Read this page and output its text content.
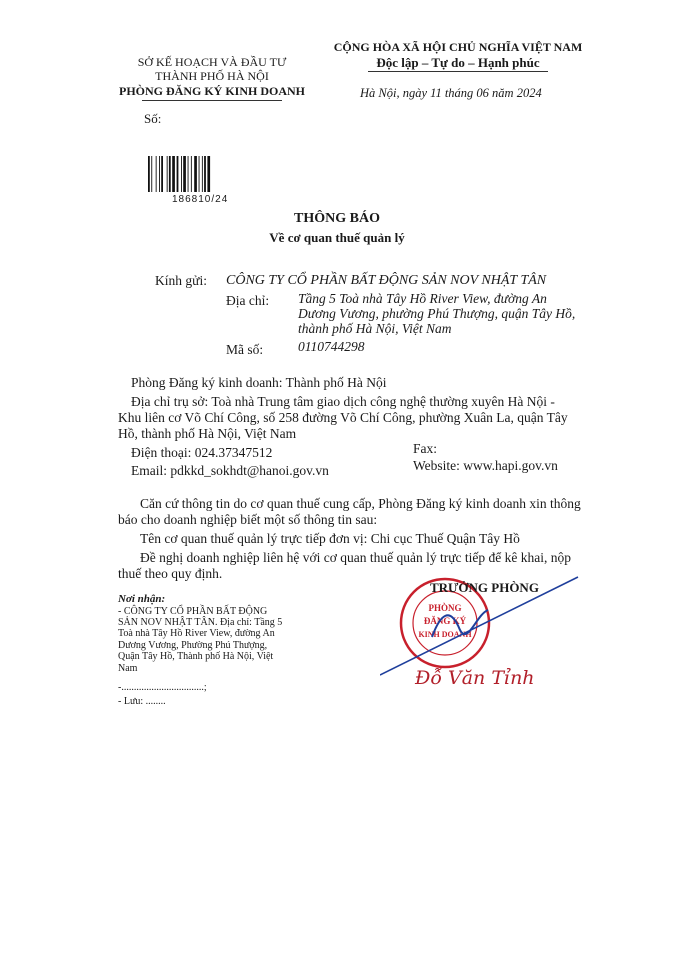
SỞ KẾ HOẠCH VÀ ĐẦU TƯ
THÀNH PHỐ HÀ NỘI
PHÒNG ĐĂNG KÝ KINH DOANH
Số:
CỘNG HÒA XÃ HỘI CHỦ NGHĨA VIỆT NAM
Độc lập – Tự do – Hạnh phúc
Hà Nội, ngày 11 tháng 06 năm 2024
186810/24
THÔNG BÁO
Về cơ quan thuế quản lý
Kính gửi: CÔNG TY CỔ PHẦN BẤT ĐỘNG SẢN NOV NHẬT TÂN
Địa chỉ: Tầng 5 Toà nhà Tây Hồ River View, đường An
Dương Vương, phường Phú Thượng, quận Tây Hồ,
thành phố Hà Nội, Việt Nam
Mã số:	0110744298
Phòng Đăng ký kinh doanh: Thành phố Hà Nội
Địa chỉ trụ sở: Toà nhà Trung tâm giao dịch công nghệ thường xuyên Hà Nội -
Khu liên cơ Võ Chí Công, số 258 đường Võ Chí Công, phường Xuân La, quận Tây
Hồ, thành phố Hà Nội, Việt Nam
Điện thoại: 024.37347512	Fax:
Email: pdkkd_sokhdt@hanoi.gov.vn	Website: www.hapi.gov.vn
Căn cứ thông tin do cơ quan thuế cung cấp, Phòng Đăng ký kinh doanh xin thông
báo cho doanh nghiệp biết một số thông tin sau:
Tên cơ quan thuế quản lý trực tiếp đơn vị: Chi cục Thuế Quận Tây Hồ
Đề nghị doanh nghiệp liên hệ với cơ quan thuế quản lý trực tiếp để kê khai, nộp
thuế theo quy định.
Nơi nhận:
- CÔNG TY CỔ PHẦN BẤT ĐỘNG
SẢN NOV NHẬT TÂN. Địa chỉ: Tầng 5
Toà nhà Tây Hồ River View, đường An
Dương Vương, Phường Phú Thượng,
Quận Tây Hồ, Thành phố Hà Nội, Việt
Nam
-.................................;
- Lưu: ........
PHÒNG
ĐĂNG KÝ
KINH DOANH
TRƯỞNG PHÒNG
Đỗ Văn Tỉnh
